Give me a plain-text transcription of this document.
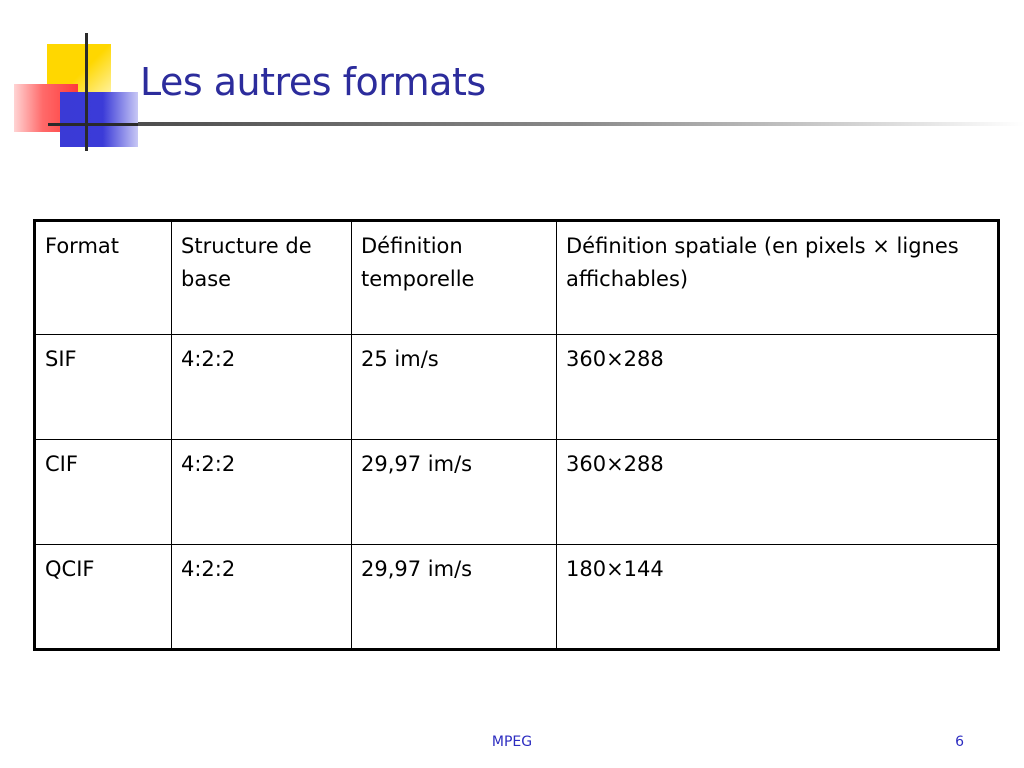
Les autres formats
Format	Structure de base	Définition temporelle	Définition spatiale (en pixels × lignes affichables)
SIF	4:2:2	25 im/s	360×288
CIF	4:2:2	29,97 im/s	360×288
QCIF	4:2:2	29,97 im/s	180×144

MPEG	6
